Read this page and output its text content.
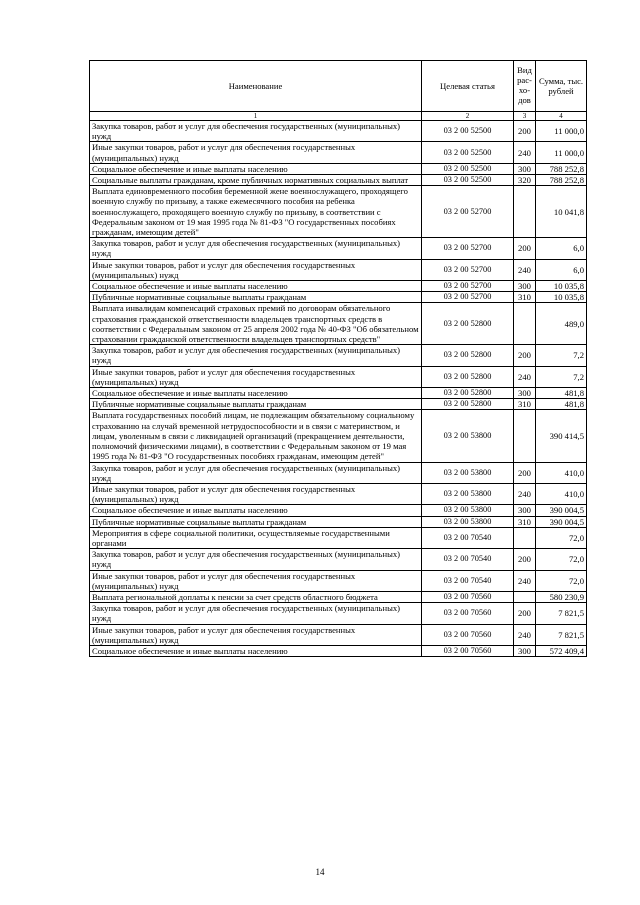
Наименование	Целевая статья	Вид рас-хо-дов	Сумма, тыс. рублей
1	2	3	4
Закупка товаров, работ и услуг для обеспечения государственных (муниципальных) нужд	03 2 00 52500	200	11 000,0
Иные закупки товаров, работ и услуг для обеспечения государственных (муниципальных) нужд	03 2 00 52500	240	11 000,0
Социальное обеспечение и иные выплаты населению	03 2 00 52500	300	788 252,8
Социальные выплаты гражданам, кроме публичных нормативных социальных выплат	03 2 00 52500	320	788 252,8
Выплата единовременного пособия беременной жене военнослужащего, проходящего военную службу по призыву, а также ежемесячного пособия на ребенка военнослужащего, проходящего военную службу по призыву, в соответствии с Федеральным законом от 19 мая 1995 года № 81-ФЗ "О государственных пособиях гражданам, имеющим детей"	03 2 00 52700		10 041,8
Закупка товаров, работ и услуг для обеспечения государственных (муниципальных) нужд	03 2 00 52700	200	6,0
Иные закупки товаров, работ и услуг для обеспечения государственных (муниципальных) нужд	03 2 00 52700	240	6,0
Социальное обеспечение и иные выплаты населению	03 2 00 52700	300	10 035,8
Публичные нормативные социальные выплаты гражданам	03 2 00 52700	310	10 035,8
Выплата инвалидам компенсаций страховых премий по договорам обязательного страхования гражданской ответственности владельцев транспортных средств в соответствии с Федеральным законом от 25 апреля 2002 года № 40-ФЗ "Об обязательном страховании гражданской ответственности владельцев транспортных средств"	03 2 00 52800		489,0
Закупка товаров, работ и услуг для обеспечения государственных (муниципальных) нужд	03 2 00 52800	200	7,2
Иные закупки товаров, работ и услуг для обеспечения государственных (муниципальных) нужд	03 2 00 52800	240	7,2
Социальное обеспечение и иные выплаты населению	03 2 00 52800	300	481,8
Публичные нормативные социальные выплаты гражданам	03 2 00 52800	310	481,8
Выплата государственных пособий лицам, не подлежащим обязательному социальному страхованию на случай временной нетрудоспособности и в связи с материнством, и лицам, уволенным в связи с ликвидацией организаций (прекращением деятельности, полномочий физическими лицами), в соответствии с Федеральным законом от 19 мая 1995 года № 81-ФЗ "О государственных пособиях гражданам, имеющим детей"	03 2 00 53800		390 414,5
Закупка товаров, работ и услуг для обеспечения государственных (муниципальных) нужд	03 2 00 53800	200	410,0
Иные закупки товаров, работ и услуг для обеспечения государственных (муниципальных) нужд	03 2 00 53800	240	410,0
Социальное обеспечение и иные выплаты населению	03 2 00 53800	300	390 004,5
Публичные нормативные социальные выплаты гражданам	03 2 00 53800	310	390 004,5
Мероприятия в сфере социальной политики, осуществляемые государственными органами	03 2 00 70540		72,0
Закупка товаров, работ и услуг для обеспечения государственных (муниципальных) нужд	03 2 00 70540	200	72,0
Иные закупки товаров, работ и услуг для обеспечения государственных (муниципальных) нужд	03 2 00 70540	240	72,0
Выплата региональной доплаты к пенсии за счет средств областного бюджета	03 2 00 70560		580 230,9
Закупка товаров, работ и услуг для обеспечения государственных (муниципальных) нужд	03 2 00 70560	200	7 821,5
Иные закупки товаров, работ и услуг для обеспечения государственных (муниципальных) нужд	03 2 00 70560	240	7 821,5
Социальное обеспечение и иные выплаты населению	03 2 00 70560	300	572 409,4
14
